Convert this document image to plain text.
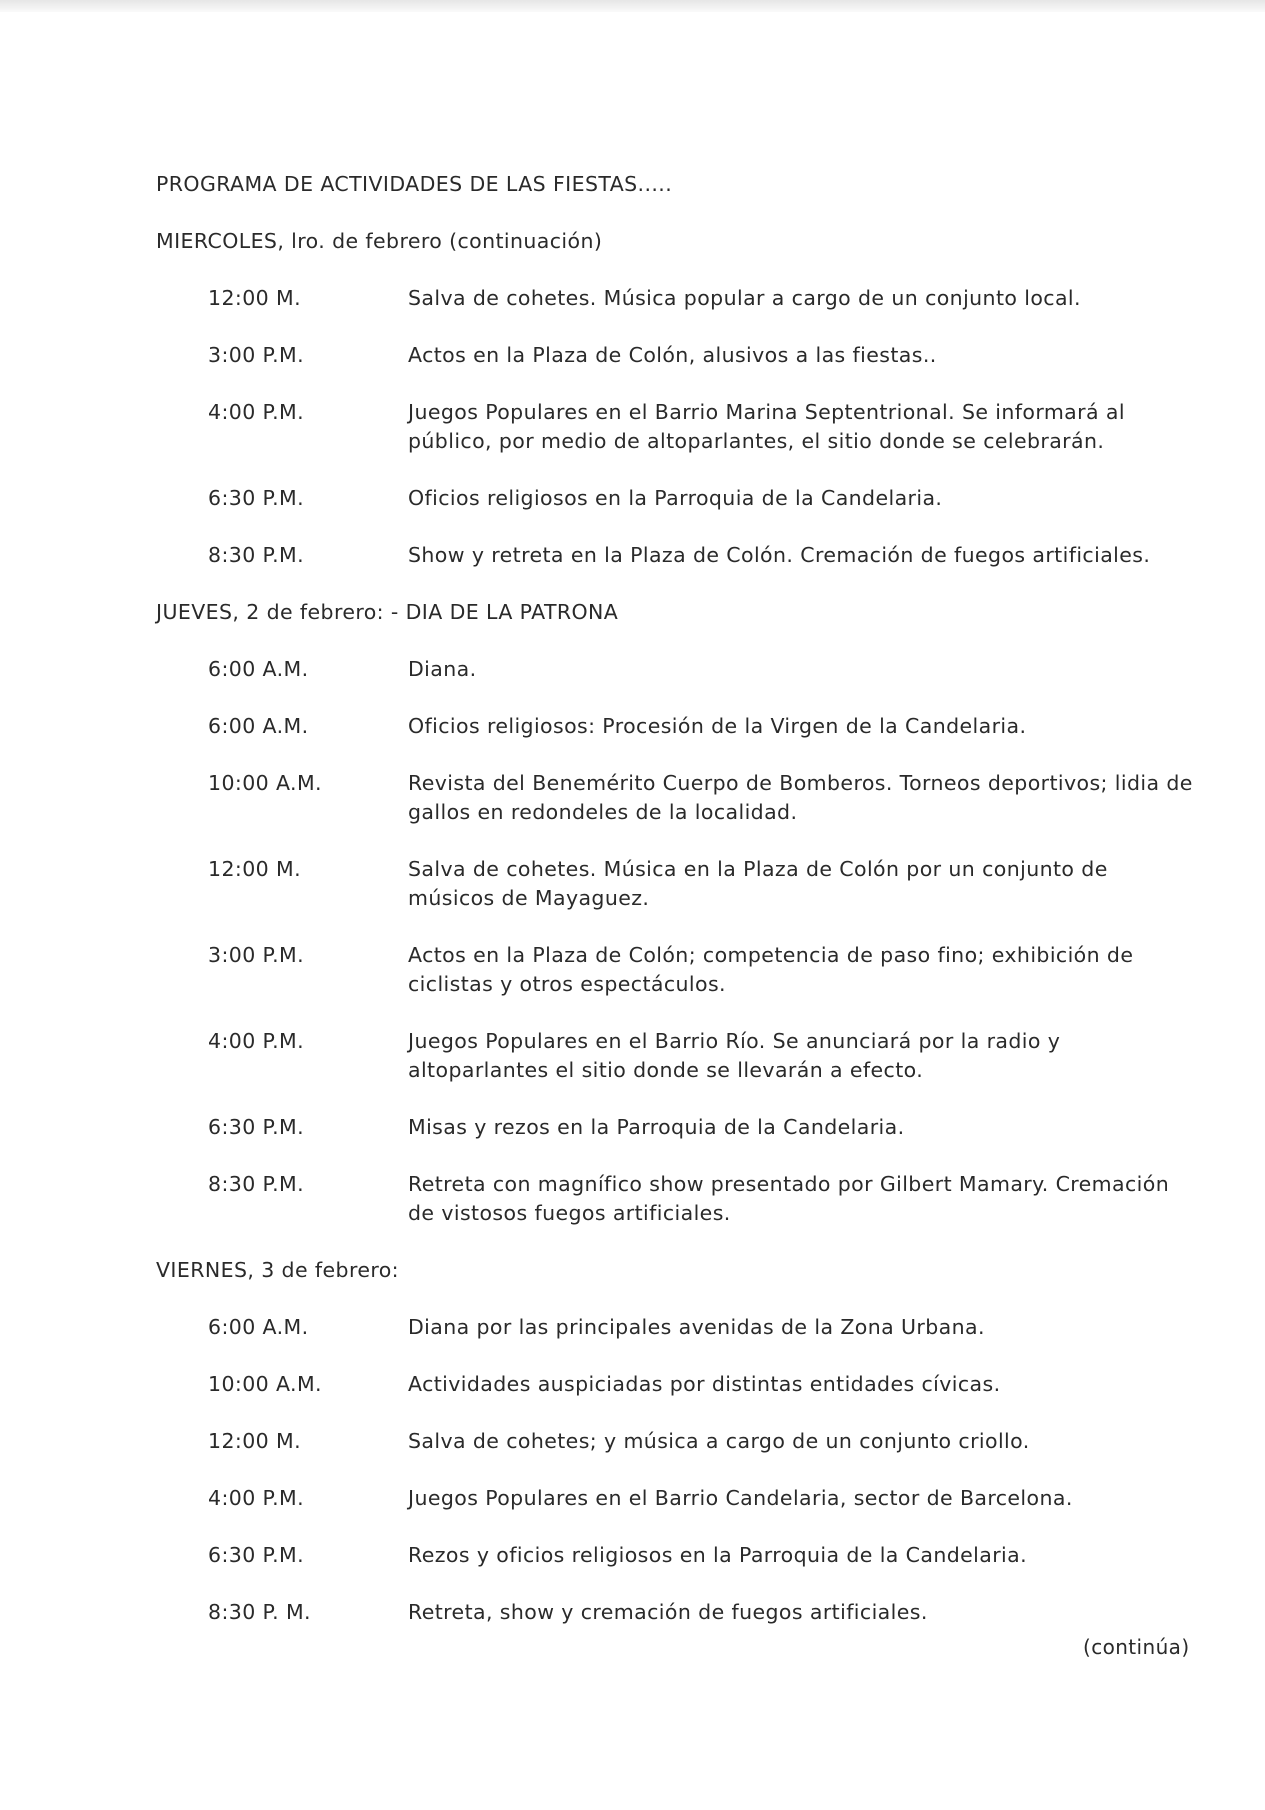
PROGRAMA DE ACTIVIDADES DE LAS FIESTAS.....
MIERCOLES, lro. de febrero (continuación)
12:00 M.	Salva de cohetes. Música popular a cargo de un conjunto local.
3:00 P.M.	Actos en la Plaza de Colón, alusivos a las fiestas..
4:00 P.M.	Juegos Populares en el Barrio Marina Septentrional. Se informará al público, por medio de altoparlantes, el sitio donde se celebrarán.
6:30 P.M.	Oficios religiosos en la Parroquia de la Candelaria.
8:30 P.M.	Show y retreta en la Plaza de Colón. Cremación de fuegos artificiales.
JUEVES, 2 de febrero: - DIA DE LA PATRONA
6:00 A.M.	Diana.
6:00 A.M.	Oficios religiosos: Procesión de la Virgen de la Candelaria.
10:00 A.M.	Revista del Benemérito Cuerpo de Bomberos. Torneos deportivos; lidia de gallos en redondeles de la localidad.
12:00 M.	Salva de cohetes. Música en la Plaza de Colón por un conjunto de músicos de Mayaguez.
3:00 P.M.	Actos en la Plaza de Colón; competencia de paso fino; exhibición de ciclistas y otros espectáculos.
4:00 P.M.	Juegos Populares en el Barrio Río. Se anunciará por la radio y altoparlantes el sitio donde se llevarán a efecto.
6:30 P.M.	Misas y rezos en la Parroquia de la Candelaria.
8:30 P.M.	Retreta con magnífico show presentado por Gilbert Mamary. Cremación de vistosos fuegos artificiales.
VIERNES, 3 de febrero:
6:00 A.M.	Diana por las principales avenidas de la Zona Urbana.
10:00 A.M.	Actividades auspiciadas por distintas entidades cívicas.
12:00 M.	Salva de cohetes; y música a cargo de un conjunto criollo.
4:00 P.M.	Juegos Populares en el Barrio Candelaria, sector de Barcelona.
6:30 P.M.	Rezos y oficios religiosos en la Parroquia de la Candelaria.
8:30 P. M.	Retreta, show y cremación de fuegos artificiales.
(continúa)
